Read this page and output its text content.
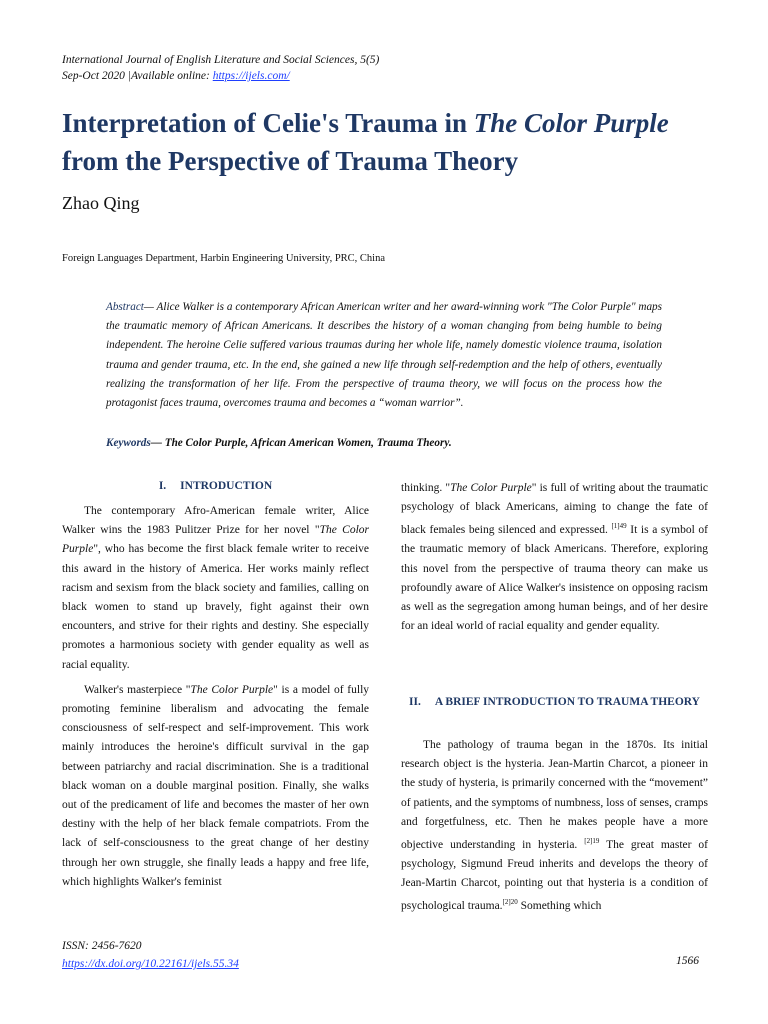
International Journal of English Literature and Social Sciences, 5(5)
Sep-Oct 2020 |Available online: https://ijels.com/
Interpretation of Celie's Trauma in The Color Purple from the Perspective of Trauma Theory
Zhao Qing
Foreign Languages Department, Harbin Engineering University, PRC, China
Abstract— Alice Walker is a contemporary African American writer and her award-winning work "The Color Purple" maps the traumatic memory of African Americans. It describes the history of a woman changing from being humble to being independent. The heroine Celie suffered various traumas during her whole life, namely domestic violence trauma, isolation trauma and gender trauma, etc. In the end, she gained a new life through self-redemption and the help of others, eventually realizing the transformation of her life. From the perspective of trauma theory, we will focus on the process how the protagonist faces trauma, overcomes trauma and becomes a “woman warrior”.
Keywords— The Color Purple, African American Women, Trauma Theory.
I. INTRODUCTION

The contemporary Afro-American female writer, Alice Walker wins the 1983 Pulitzer Prize for her novel "The Color Purple", who has become the first black female writer to receive this award in the history of America. Her works mainly reflect racism and sexism from the black society and families, calling on black women to stand up bravely, fight against their own encounters, and strive for their rights and destiny. She especially promotes a harmonious society with gender equality as well as racial equality.

Walker's masterpiece "The Color Purple" is a model of fully promoting feminine liberalism and advocating the female consciousness of self-respect and self-improvement. This work mainly introduces the heroine's difficult survival in the gap between patriarchy and racial discrimination. She is a traditional black woman on a double marginal position. Finally, she walks out of the predicament of life and becomes the master of her own destiny with the help of her black female compatriots. From the lack of self-consciousness to the great change of her destiny through her own struggle, she finally leads a happy and free life, which highlights Walker's feminist

thinking. "The Color Purple" is full of writing about the traumatic psychology of black Americans, aiming to change the fate of black females being silenced and expressed. $^{[1]49}$ It is a symbol of the traumatic memory of black Americans. Therefore, exploring this novel from the perspective of trauma theory can make us profoundly aware of Alice Walker's insistence on opposing racism as well as the segregation among human beings, and of her desire for an ideal world of racial equality and gender equality.

II. A BRIEF INTRODUCTION TO TRAUMA THEORY

The pathology of trauma began in the 1870s. Its initial research object is the hysteria. Jean-Martin Charcot, a pioneer in the study of hysteria, is primarily concerned with the “movement” of patients, and the symptoms of numbness, loss of senses, cramps and forgetfulness, etc. Then he makes people have a more objective understanding in hysteria. $^{[2]19}$ The great master of psychology, Sigmund Freud inherits and develops the theory of Jean-Martin Charcot, pointing out that hysteria is a condition of psychological trauma.$^{[2]20}$ Something which

ISSN: 2456-7620
https://dx.doi.org/10.22161/ijels.55.34	1566
